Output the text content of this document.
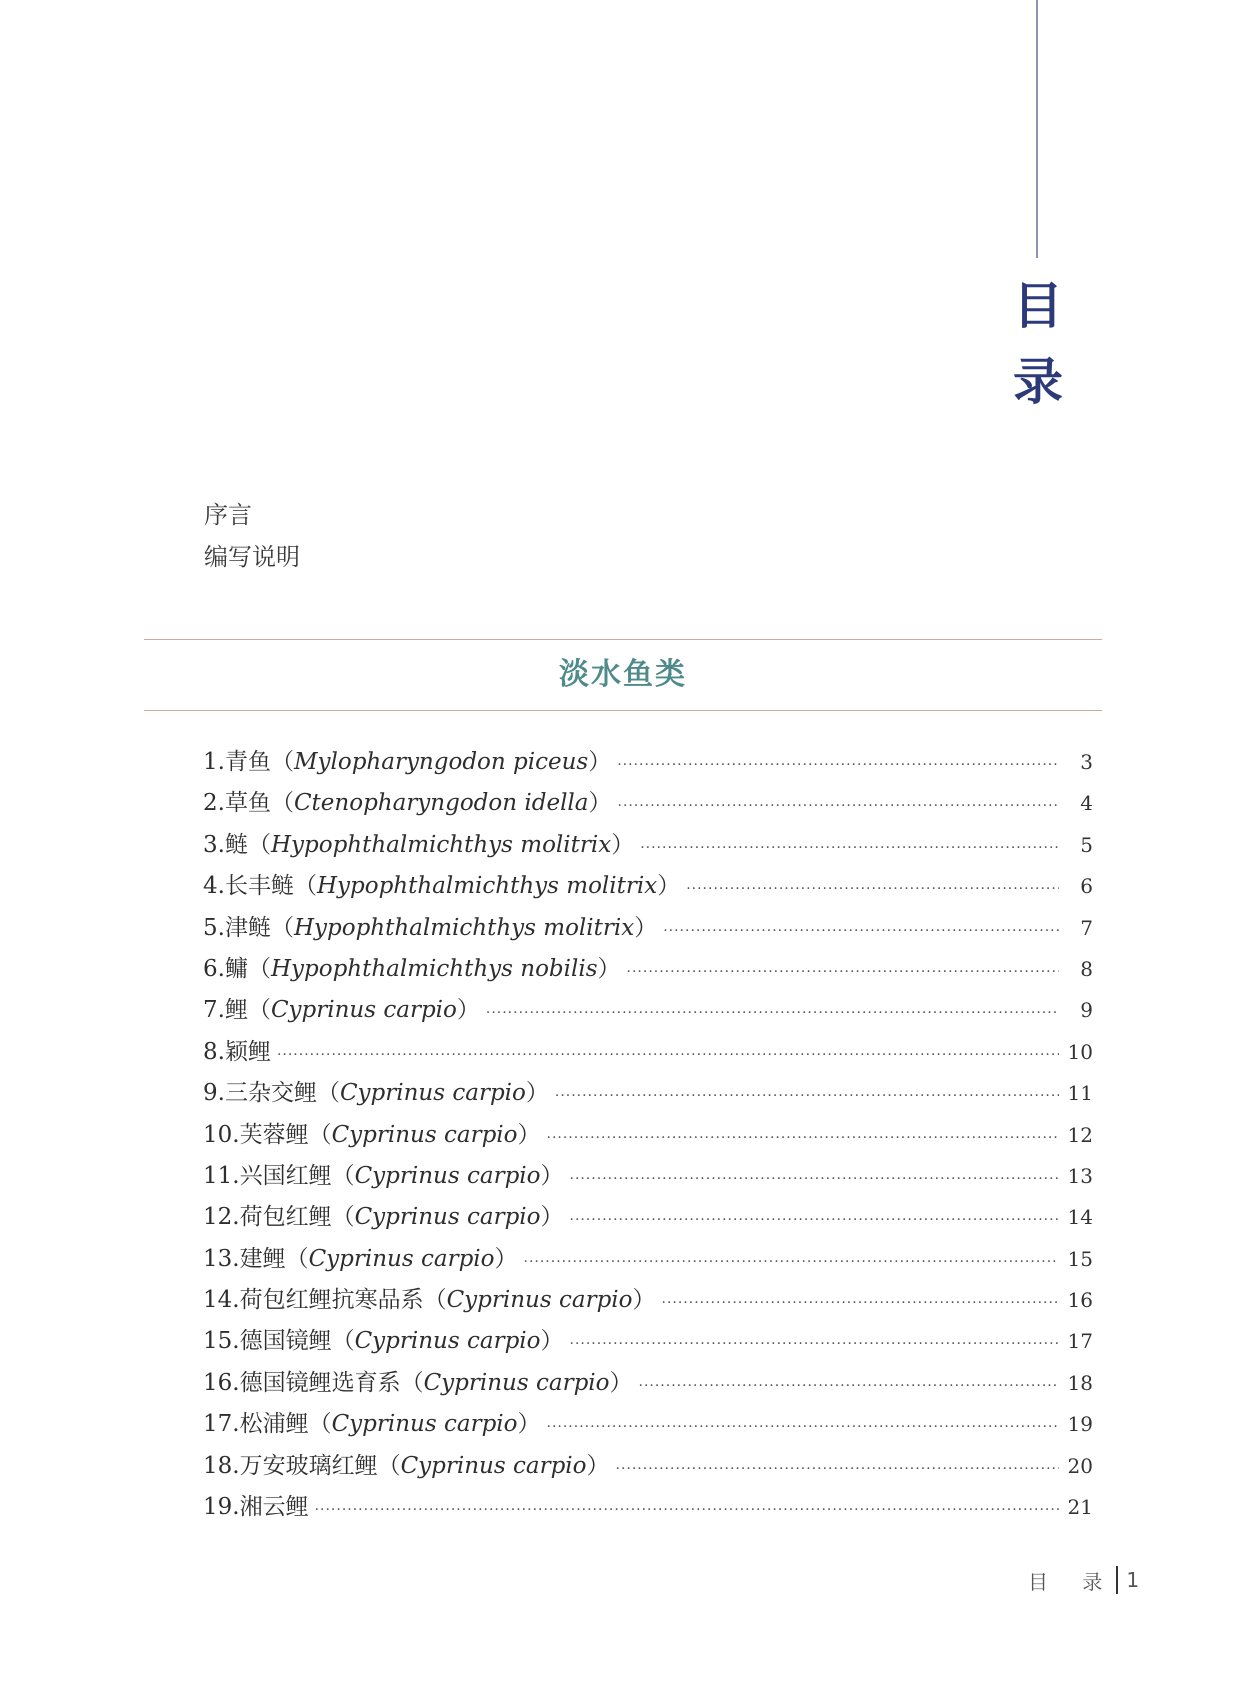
目
录
序言
编写说明
淡水鱼类
1. 青鱼 （Mylopharyngodon piceus） ·····	3
2. 草鱼 （Ctenopharyngodon idella） ·····	4
3. 鲢 （Hypophthalmichthys molitrix） ·····	5
4. 长丰鲢 （Hypophthalmichthys molitrix） ·····	6
5. 津鲢 （Hypophthalmichthys molitrix） ·····	7
6. 鳙 （Hypophthalmichthys nobilis） ·····	8
7. 鲤 （Cyprinus carpio） ·····	9
8. 颖鲤 ·····	10
9. 三杂交鲤 （Cyprinus carpio） ·····	11
10. 芙蓉鲤 （Cyprinus carpio） ·····	12
11. 兴国红鲤 （Cyprinus carpio） ·····	13
12. 荷包红鲤 （Cyprinus carpio） ·····	14
13. 建鲤 （Cyprinus carpio） ·····	15
14. 荷包红鲤抗寒品系 （Cyprinus carpio） ·····	16
15. 德国镜鲤 （Cyprinus carpio） ·····	17
16. 德国镜鲤选育系 （Cyprinus carpio） ·····	18
17. 松浦鲤 （Cyprinus carpio） ·····	19
18. 万安玻璃红鲤 （Cyprinus carpio） ·····	20
19. 湘云鲤 ·····	21
目 录 1
